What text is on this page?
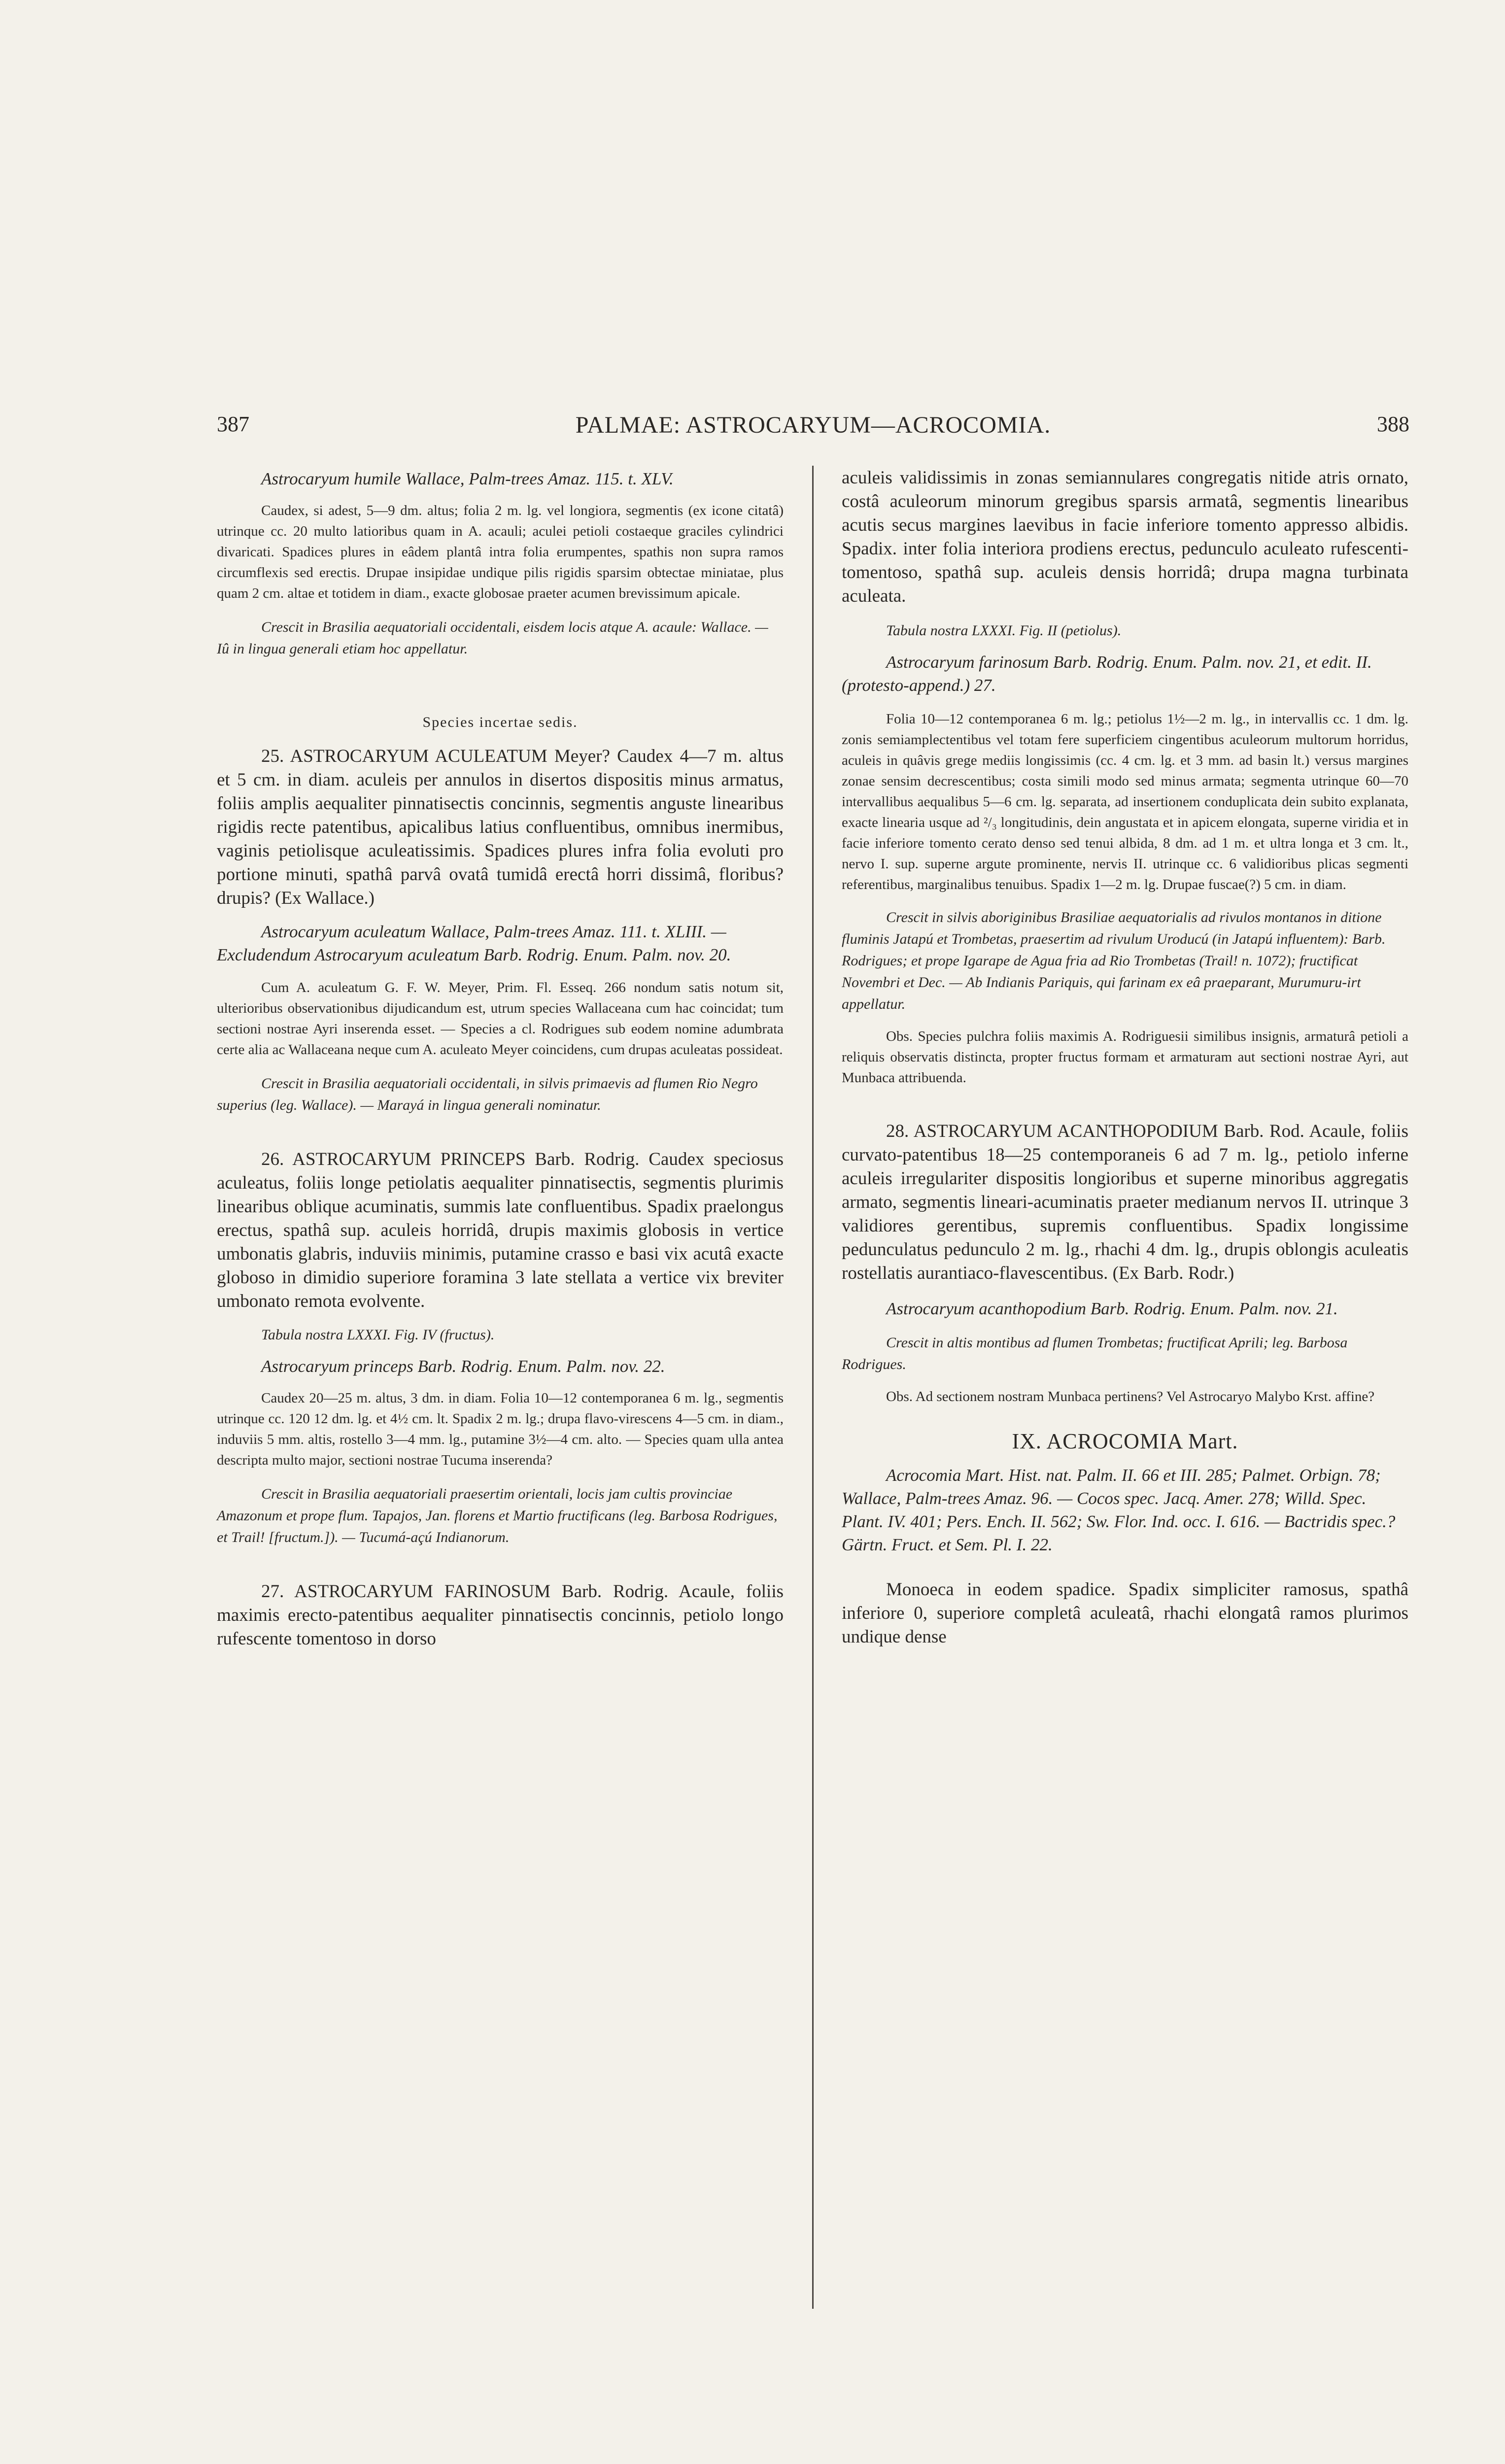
387	PALMAE: ASTROCARYUM—ACROCOMIA.	388

Astrocaryum humile Wallace, Palm-trees Amaz. 115. t. XLV.

Caudex, si adest, 5—9 dm. altus; folia 2 m. lg. vel longiora, segmentis (ex icone citatâ) utrinque cc. 20 multo latioribus quam in A. acauli; aculei petioli costaeque graciles cylindrici divaricati. Spadices plures in eâdem plantâ intra folia erumpentes, spathis non supra ramos circumflexis sed erectis. Drupae insipidae undique pilis rigidis sparsim obtectae miniatae, plus quam 2 cm. altae et totidem in diam., exacte globosae praeter acumen brevissimum apicale.

Crescit in Brasilia aequatoriali occidentali, eisdem locis atque A. acaule: Wallace. — Iû in lingua generali etiam hoc appellatur.

Species incertae sedis.

25. ASTROCARYUM ACULEATUM Meyer? Caudex 4—7 m. altus et 5 cm. in diam. aculeis per annulos in disertos dispositis minus armatus, foliis amplis aequaliter pinnatisectis concinnis, segmentis anguste linearibus rigidis recte patentibus, apicalibus latius confluentibus, omnibus inermibus, vaginis petiolisque aculeatissimis. Spadices plures infra folia evoluti pro portione minuti, spathâ parvâ ovatâ tumidâ erectâ horri dissimâ, floribus? drupis? (Ex Wallace.)

Astrocaryum aculeatum Wallace, Palm-trees Amaz. 111. t. XLIII. — Excludendum Astrocaryum aculeatum Barb. Rodrig. Enum. Palm. nov. 20.

Cum A. aculeatum G. F. W. Meyer, Prim. Fl. Esseq. 266 nondum satis notum sit, ulterioribus observationibus dijudicandum est, utrum species Wallaceana cum hac coincidat; tum sectioni nostrae Ayri inserenda esset. — Species a cl. Rodrigues sub eodem nomine adumbrata certe alia ac Wallaceana neque cum A. aculeato Meyer coincidens, cum drupas aculeatas possideat.

Crescit in Brasilia aequatoriali occidentali, in silvis primaevis ad flumen Rio Negro superius (leg. Wallace). — Marayá in lingua generali nominatur.

26. ASTROCARYUM PRINCEPS Barb. Rodrig. Caudex speciosus aculeatus, foliis longe petiolatis aequaliter pinnatisectis, segmentis plurimis linearibus oblique acuminatis, summis late confluentibus. Spadix praelongus erectus, spathâ sup. aculeis horridâ, drupis maximis globosis in vertice umbonatis glabris, induviis minimis, putamine crasso e basi vix acutâ exacte globoso in dimidio superiore foramina 3 late stellata a vertice vix breviter umbonato remota evolvente.

Tabula nostra LXXXI. Fig. IV (fructus).

Astrocaryum princeps Barb. Rodrig. Enum. Palm. nov. 22.

Caudex 20—25 m. altus, 3 dm. in diam. Folia 10—12 contemporanea 6 m. lg., segmentis utrinque cc. 120 12 dm. lg. et 4½ cm. lt. Spadix 2 m. lg.; drupa flavo-virescens 4—5 cm. in diam., induviis 5 mm. altis, rostello 3—4 mm. lg., putamine 3½—4 cm. alto. — Species quam ulla antea descripta multo major, sectioni nostrae Tucuma inserenda?

Crescit in Brasilia aequatoriali praesertim orientali, locis jam cultis provinciae Amazonum et prope flum. Tapajos, Jan. florens et Martio fructificans (leg. Barbosa Rodrigues, et Trail! [fructum.]). — Tucumá-açú Indianorum.

27. ASTROCARYUM FARINOSUM Barb. Rodrig. Acaule, foliis maximis erecto-patentibus aequaliter pinnatisectis concinnis, petiolo longo rufescente tomentoso in dorso

aculeis validissimis in zonas semiannulares congregatis nitide atris ornato, costâ aculeorum minorum gregibus sparsis armatâ, segmentis linearibus acutis secus margines laevibus in facie inferiore tomento appresso albidis. Spadix. inter folia interiora prodiens erectus, pedunculo aculeato rufescenti-tomentoso, spathâ sup. aculeis densis horridâ; drupa magna turbinata aculeata.

Tabula nostra LXXXI. Fig. II (petiolus).

Astrocaryum farinosum Barb. Rodrig. Enum. Palm. nov. 21, et edit. II. (protesto-append.) 27.

Folia 10—12 contemporanea 6 m. lg.; petiolus 1½—2 m. lg., in intervallis cc. 1 dm. lg. zonis semiamplectentibus vel totam fere superficiem cingentibus aculeorum multorum horridus, aculeis in quâvis grege mediis longissimis (cc. 4 cm. lg. et 3 mm. ad basin lt.) versus margines zonae sensim decrescentibus; costa simili modo sed minus armata; segmenta utrinque 60—70 intervallibus aequalibus 5—6 cm. lg. separata, ad insertionem conduplicata dein subito explanata, exacte linearia usque ad ²/₃ longitudinis, dein angustata et in apicem elongata, superne viridia et in facie inferiore tomento cerato denso sed tenui albida, 8 dm. ad 1 m. et ultra longa et 3 cm. lt., nervo I. sup. superne argute prominente, nervis II. utrinque cc. 6 validioribus plicas segmenti referentibus, marginalibus tenuibus. Spadix 1—2 m. lg. Drupae fuscae(?) 5 cm. in diam.

Crescit in silvis aboriginibus Brasiliae aequatorialis ad rivulos montanos in ditione fluminis Jatapú et Trombetas, praesertim ad rivulum Uroducú (in Jatapú influentem): Barb. Rodrigues; et prope Igarape de Agua fria ad Rio Trombetas (Trail! n. 1072); fructificat Novembri et Dec. — Ab Indianis Pariquis, qui farinam ex eâ praeparant, Murumuru-irt appellatur.

Obs. Species pulchra foliis maximis A. Rodriguesii similibus insignis, armaturâ petioli a reliquis observatis distincta, propter fructus formam et armaturam aut sectioni nostrae Ayri, aut Munbaca attribuenda.

28. ASTROCARYUM ACANTHOPODIUM Barb. Rod. Acaule, foliis curvato-patentibus 18—25 contemporaneis 6 ad 7 m. lg., petiolo inferne aculeis irregulariter dispositis longioribus et superne minoribus aggregatis armato, segmentis lineari-acuminatis praeter medianum nervos II. utrinque 3 validiores gerentibus, supremis confluentibus. Spadix longissime pedunculatus pedunculo 2 m. lg., rhachi 4 dm. lg., drupis oblongis aculeatis rostellatis aurantiaco-flavescentibus. (Ex Barb. Rodr.)

Astrocaryum acanthopodium Barb. Rodrig. Enum. Palm. nov. 21.

Crescit in altis montibus ad flumen Trombetas; fructificat Aprili; leg. Barbosa Rodrigues.

Obs. Ad sectionem nostram Munbaca pertinens? Vel Astrocaryo Malybo Krst. affine?

IX. ACROCOMIA Mart.

Acrocomia Mart. Hist. nat. Palm. II. 66 et III. 285; Palmet. Orbign. 78; Wallace, Palm-trees Amaz. 96. — Cocos spec. Jacq. Amer. 278; Willd. Spec. Plant. IV. 401; Pers. Ench. II. 562; Sw. Flor. Ind. occ. I. 616. — Bactridis spec.? Gärtn. Fruct. et Sem. Pl. I. 22.

Monoeca in eodem spadice. Spadix simpliciter ramosus, spathâ inferiore 0, superiore completâ aculeatâ, rhachi elongatâ ramos plurimos undique dense
